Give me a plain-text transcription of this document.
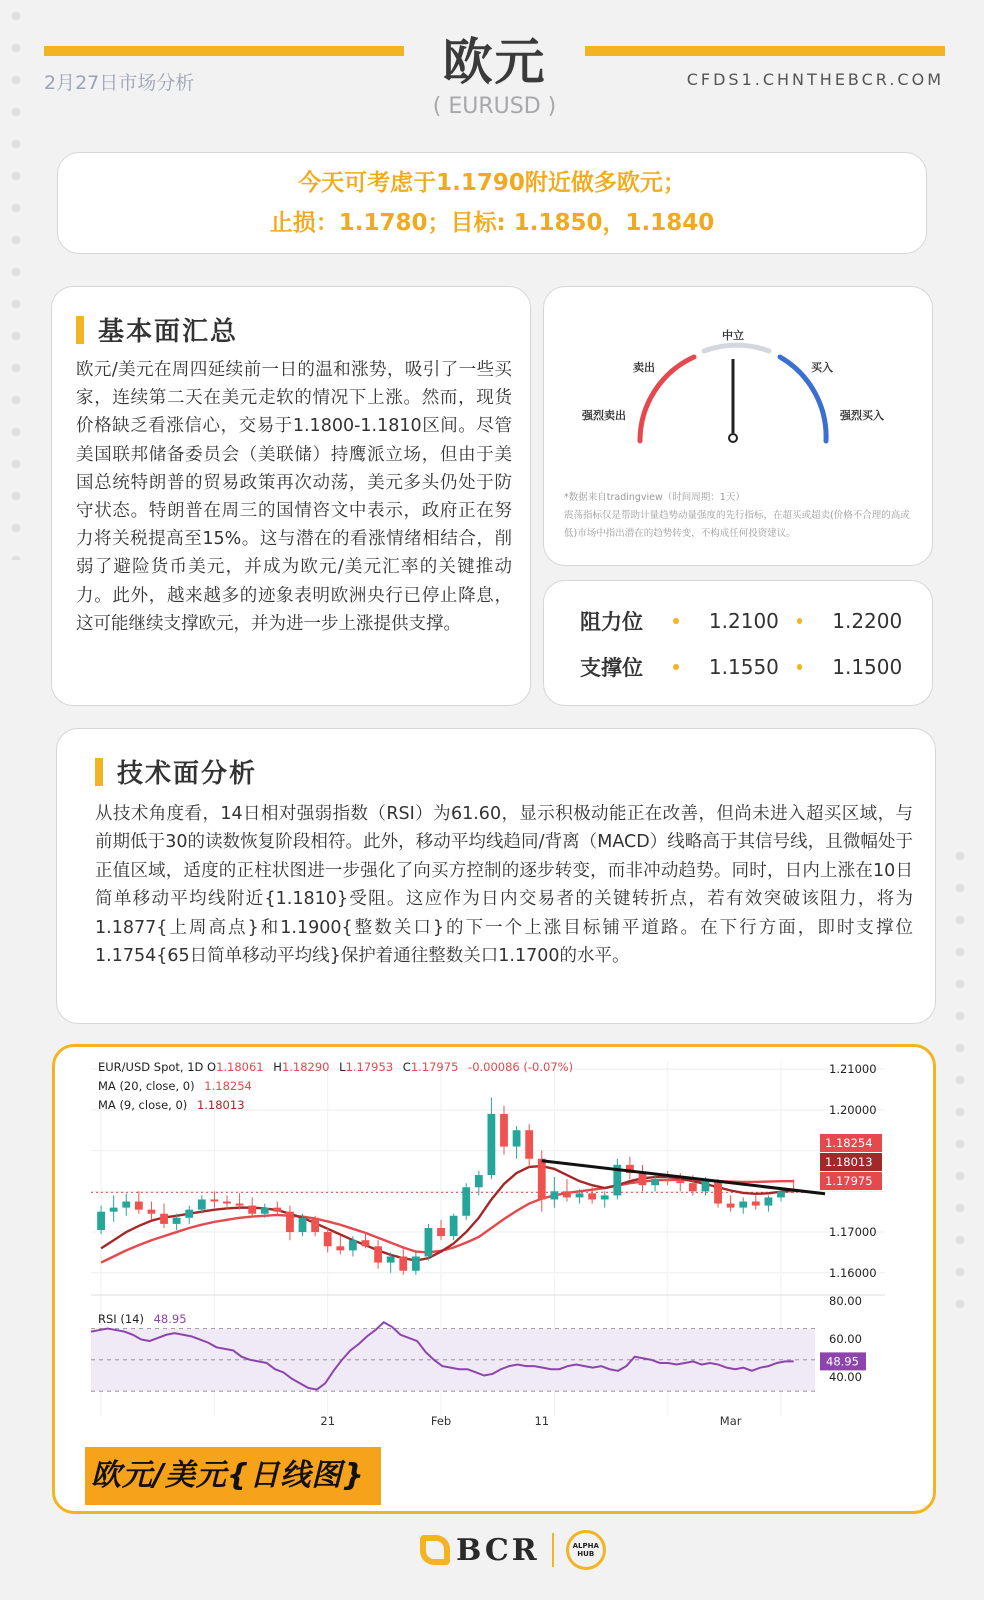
2月27日市场分析	欧元
( EURUSD )
CFDS1.CHNTHEBCR.COM
今天可考虑于1.1790附近做多欧元；
止损：1.1780；目标: 1.1850，1.1840
基本面汇总

欧元/美元在周四延续前一日的温和涨势，吸引了一些买家，连续第二天在美元走软的情况下上涨。然而，现货价格缺乏看涨信心，交易于1.1800-1.1810区间。尽管美国联邦储备委员会（美联储）持鹰派立场，但由于美国总统特朗普的贸易政策再次动荡，美元多头仍处于防守状态。特朗普在周三的国情咨文中表示，政府正在努力将关税提高至15%。这与潜在的看涨情绪相结合，削弱了避险货币美元，并成为欧元/美元汇率的关键推动力。此外，越来越多的迹象表明欧洲央行已停止降息，这可能继续支撑欧元，并为进一步上涨提供支撑。

中立
卖出	买入
强烈卖出	强烈买入
*数据来自tradingview（时间周期：1天）
震荡指标仅是帮助计量趋势动量强度的先行指标，在超买或超卖(价格不合理的高或低)市场中指出潜在的趋势转变，不构成任何投资建议。
阻力位	1.2100	1.2200
支撑位	1.1550	1.1500
技术面分析

从技术角度看，14日相对强弱指数（RSI）为61.60，显示积极动能正在改善，但尚未进入超买区域，与前期低于30的读数恢复阶段相符。此外，移动平均线趋同/背离（MACD）线略高于其信号线，且微幅处于正值区域，适度的正柱状图进一步强化了向买方控制的逐步转变，而非冲动趋势。同时，日内上涨在10日简单移动平均线附近{1.1810}受阻。这应作为日内交易者的关键转折点，若有效突破该阻力，将为1.1877{上周高点}和1.1900{整数关口}的下一个上涨目标铺平道路。在下行方面，即时支撑位1.1754{65日简单移动平均线}保护着通往整数关口1.1700的水平。

1.21000
1.20000
1.17000
1.16000
1.18254
1.18013
1.17975
80.00
60.00
40.00
48.95
21	Feb	11	Mar
EUR/USD Spot, 1D O1.18061 H1.18290 L1.17953 C1.17975 -0.00086 (-0.07%)
MA (20, close, 0) 1.18254
MA (9, close, 0) 1.18013
RSI (14) 48.95
欧元/美元{日线图}
BCR	ALPHA HUB
